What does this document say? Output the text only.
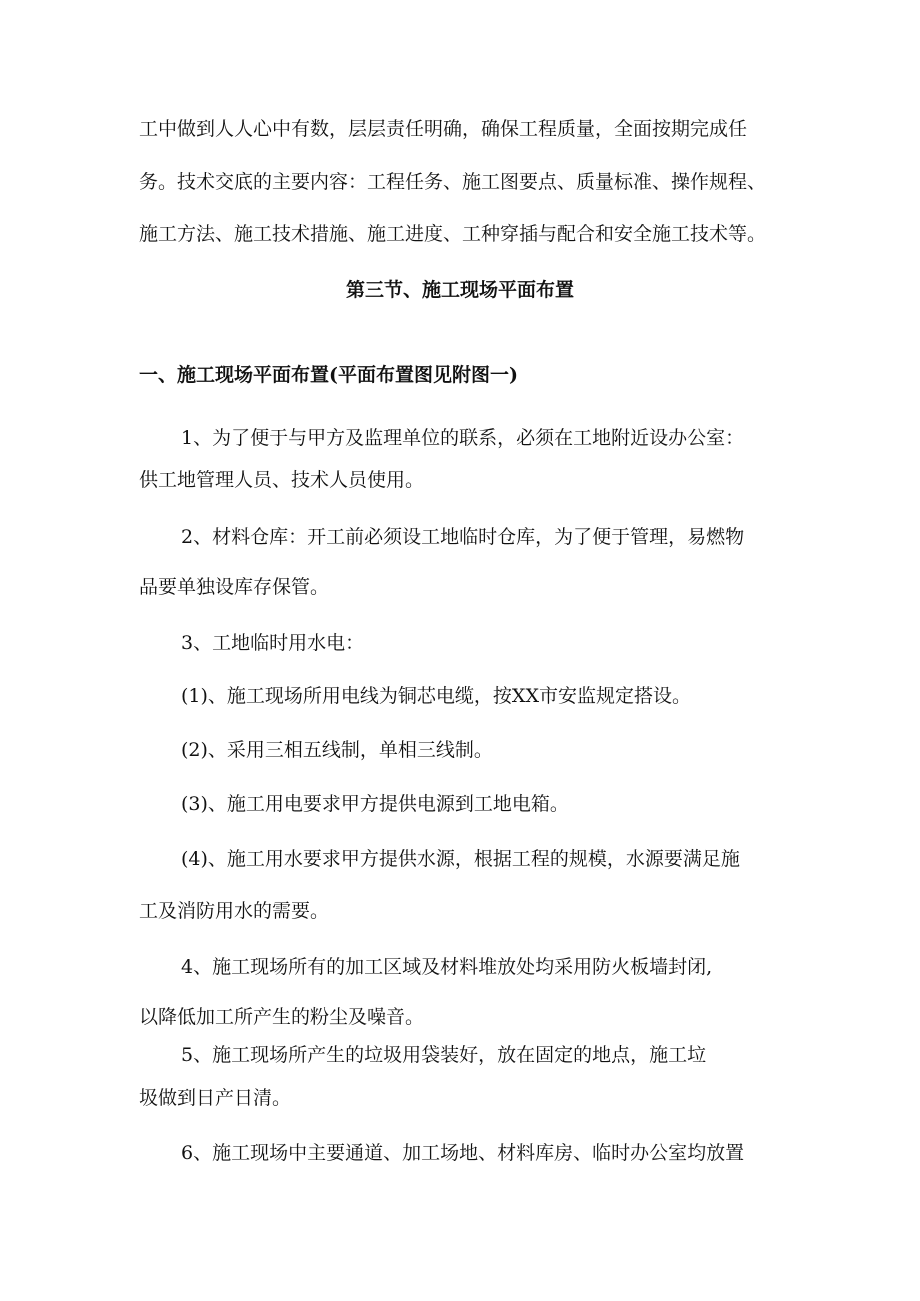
工中做到人人心中有数，层层责任明确，确保工程质量，全面按期完成任

务。技术交底的主要内容：工程任务、施工图要点、质量标准、操作规程、

施工方法、施工技术措施、施工进度、工种穿插与配合和安全施工技术等。

第三节、施工现场平面布置
一、施工现场平面布置(平面布置图见附图一)

1、为了便于与甲方及监理单位的联系，必须在工地附近设办公室：

供工地管理人员、技术人员使用。

2、材料仓库：开工前必须设工地临时仓库，为了便于管理，易燃物

品要单独设库存保管。

3、工地临时用水电：

(1)、施工现场所用电线为铜芯电缆，按XX市安监规定搭设。

(2)、采用三相五线制，单相三线制。

(3)、施工用电要求甲方提供电源到工地电箱。

(4)、施工用水要求甲方提供水源，根据工程的规模，水源要满足施

工及消防用水的需要。

4、施工现场所有的加工区域及材料堆放处均采用防火板墙封闭,

以降低加工所产生的粉尘及噪音。

5、施工现场所产生的垃圾用袋装好，放在固定的地点，施工垃

圾做到日产日清。

6、施工现场中主要通道、加工场地、材料库房、临时办公室均放置
